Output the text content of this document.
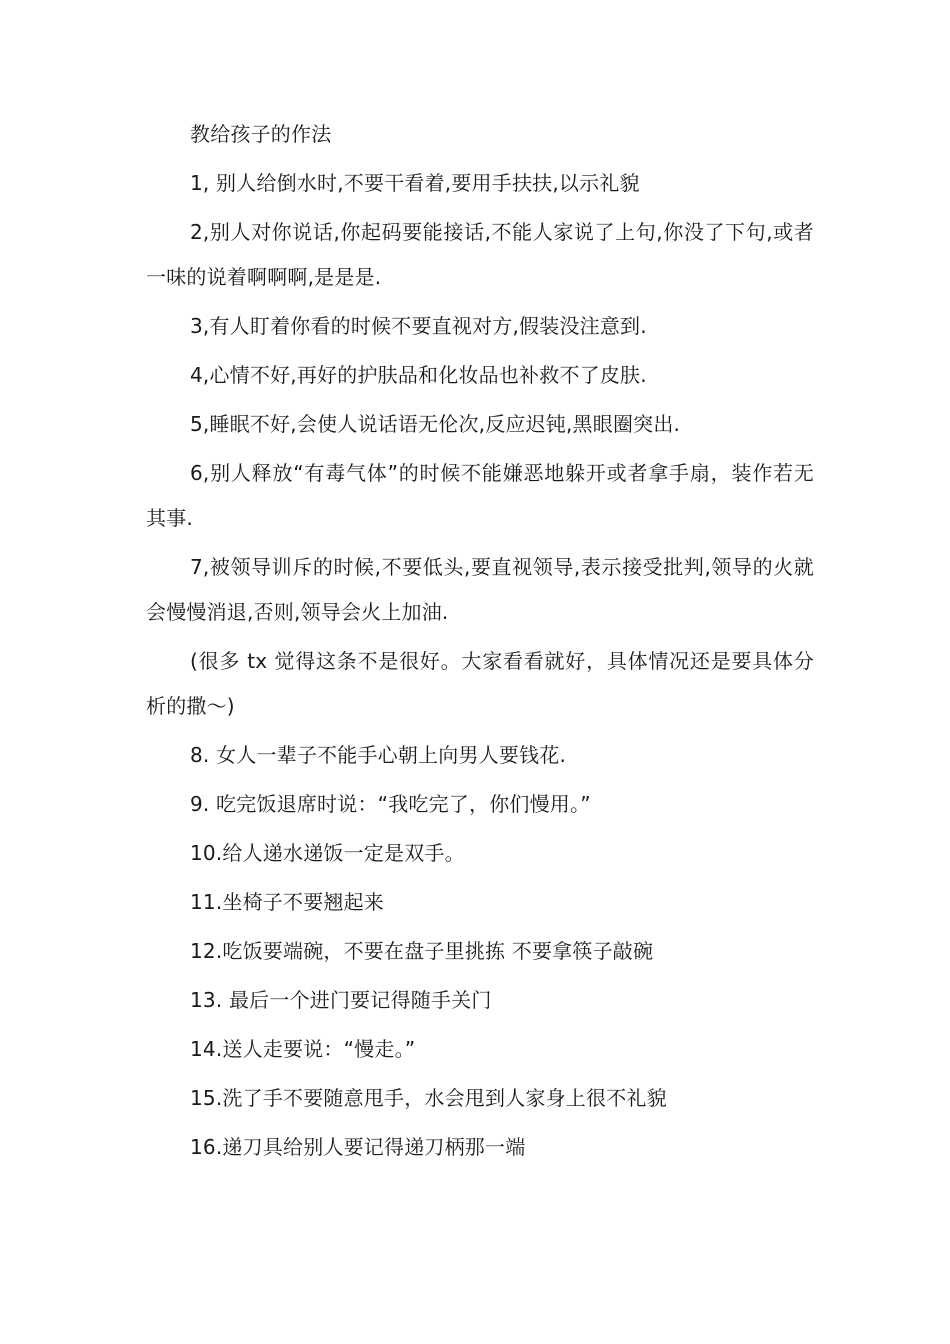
教给孩子的作法

1, 别人给倒水时,不要干看着,要用手扶扶,以示礼貌

2,别人对你说话,你起码要能接话,不能人家说了上句,你没了下句,或者一味的说着啊啊啊,是是是.

3,有人盯着你看的时候不要直视对方,假装没注意到.

4,心情不好,再好的护肤品和化妆品也补救不了皮肤.

5,睡眠不好,会使人说话语无伦次,反应迟钝,黑眼圈突出.

6,别人释放“有毒气体”的时候不能嫌恶地躲开或者拿手扇，装作若无其事.

7,被领导训斥的时候,不要低头,要直视领导,表示接受批判,领导的火就会慢慢消退,否则,领导会火上加油.

(很多 tx 觉得这条不是很好。大家看看就好，具体情况还是要具体分析的撒～)

8. 女人一辈子不能手心朝上向男人要钱花.

9. 吃完饭退席时说：“我吃完了，你们慢用。”

10.给人递水递饭一定是双手。

11.坐椅子不要翘起来

12.吃饭要端碗，不要在盘子里挑拣 不要拿筷子敲碗

13. 最后一个进门要记得随手关门

14.送人走要说：“慢走。”

15.洗了手不要随意甩手，水会甩到人家身上很不礼貌

16.递刀具给别人要记得递刀柄那一端
